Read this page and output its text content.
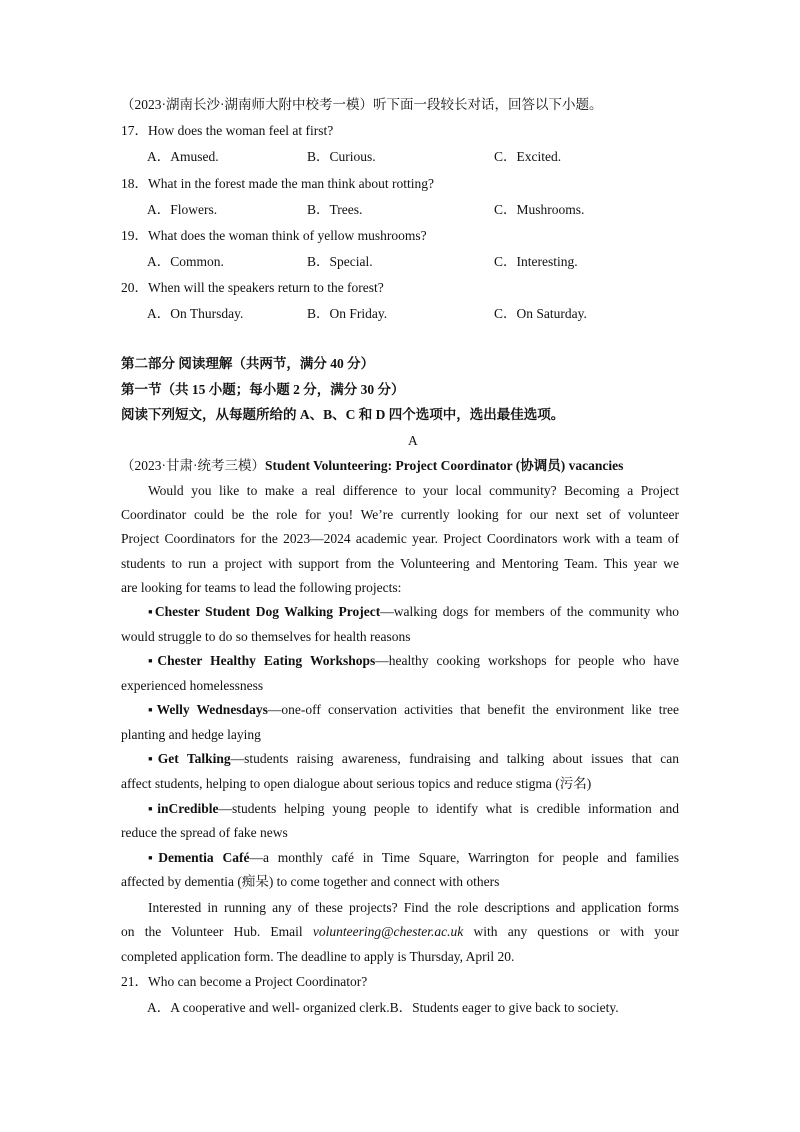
（2023·湖南长沙·湖南师大附中校考一模）听下面一段较长对话，回答以下小题。
17．How does the woman feel at first?
A．Amused.	B．Curious.	C．Excited.
18．What in the forest made the man think about rotting?
A．Flowers.	B．Trees.	C．Mushrooms.
19．What does the woman think of yellow mushrooms?
A．Common.	B．Special.	C．Interesting.
20．When will the speakers return to the forest?
A．On Thursday.	B．On Friday.	C．On Saturday.
第二部分 阅读理解（共两节，满分 40 分）
第一节（共 15 小题；每小题 2 分，满分 30 分）
阅读下列短文，从每题所给的 A、B、C 和 D 四个选项中，选出最佳选项。
A
（2023·甘肃·统考三模）Student Volunteering: Project Coordinator (协调员) vacancies
Would you like to make a real difference to your local community? Becoming a Project
Coordinator could be the role for you! We’re currently looking for our next set of volunteer
Project Coordinators for the 2023—2024 academic year. Project Coordinators work with a team of
students to run a project with support from the Volunteering and Mentoring Team. This year we
are looking for teams to lead the following projects:
▪Chester Student Dog Walking Project—walking dogs for members of the community who
would struggle to do so themselves for health reasons
▪Chester Healthy Eating Workshops—healthy cooking workshops for people who have
experienced homelessness
▪Welly Wednesdays—one-off conservation activities that benefit the environment like tree
planting and hedge laying
▪Get Talking—students raising awareness, fundraising and talking about issues that can
affect students, helping to open dialogue about serious topics and reduce stigma (污名)
▪inCredible—students helping young people to identify what is credible information and
reduce the spread of fake news
▪Dementia Café—a monthly café in Time Square, Warrington for people and families
affected by dementia (痴呆) to come together and connect with others
Interested in running any of these projects? Find the role descriptions and application forms
on the Volunteer Hub. Email volunteering@chester.ac.uk with any questions or with your
completed application form. The deadline to apply is Thursday, April 20.
21．Who can become a Project Coordinator?
A．A cooperative and well- organized clerk.B．Students eager to give back to society.
